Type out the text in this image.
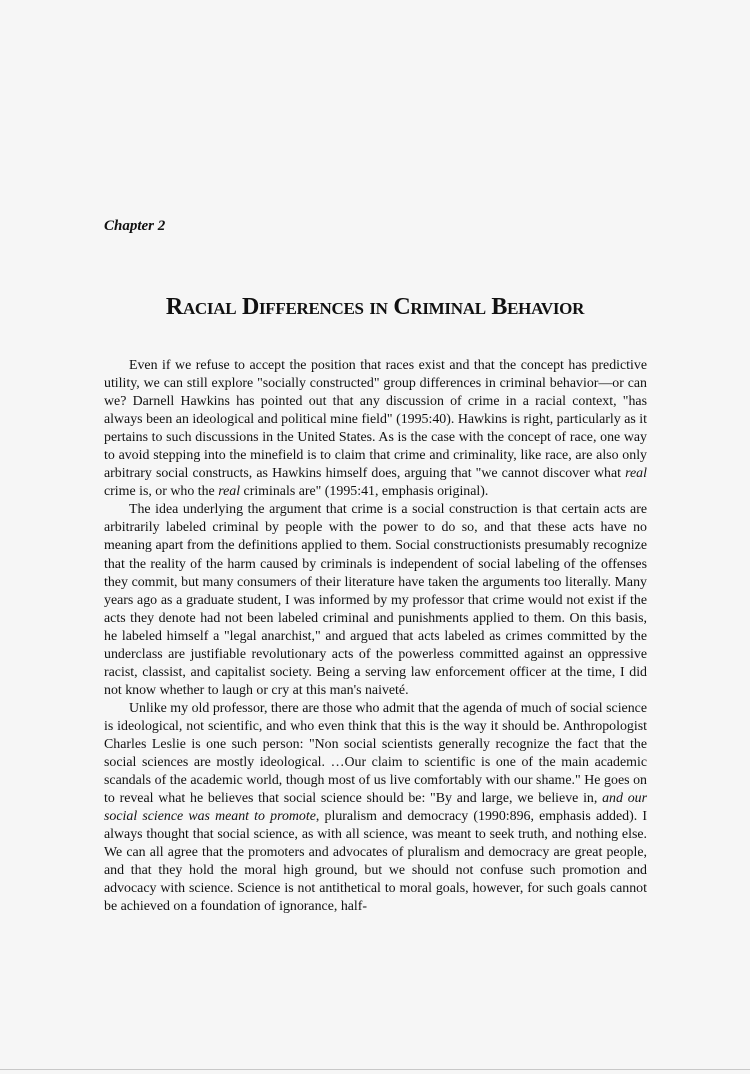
Chapter 2

Racial Differences in Criminal Behavior

Even if we refuse to accept the position that races exist and that the concept has predictive utility, we can still explore "socially constructed" group differences in criminal behavior—or can we? Darnell Hawkins has pointed out that any discussion of crime in a racial context, "has always been an ideological and political mine field" (1995:40). Hawkins is right, particularly as it pertains to such discussions in the United States. As is the case with the concept of race, one way to avoid stepping into the minefield is to claim that crime and criminality, like race, are also only arbitrary social constructs, as Hawkins himself does, arguing that "we cannot discover what real crime is, or who the real criminals are" (1995:41, emphasis original).

The idea underlying the argument that crime is a social construction is that certain acts are arbitrarily labeled criminal by people with the power to do so, and that these acts have no meaning apart from the definitions applied to them. Social constructionists presumably recognize that the reality of the harm caused by criminals is independent of social labeling of the offenses they commit, but many consumers of their literature have taken the arguments too literally. Many years ago as a graduate student, I was informed by my professor that crime would not exist if the acts they denote had not been labeled criminal and punishments applied to them. On this basis, he labeled himself a "legal anarchist," and argued that acts labeled as crimes committed by the underclass are justifiable revolutionary acts of the powerless committed against an oppressive racist, classist, and capitalist society. Being a serving law enforcement officer at the time, I did not know whether to laugh or cry at this man's naiveté.

Unlike my old professor, there are those who admit that the agenda of much of social science is ideological, not scientific, and who even think that this is the way it should be. Anthropologist Charles Leslie is one such person: "Non social scientists generally recognize the fact that the social sciences are mostly ideological. …Our claim to scientific is one of the main academic scandals of the academic world, though most of us live comfortably with our shame." He goes on to reveal what he believes that social science should be: "By and large, we believe in, and our social science was meant to promote, pluralism and democracy (1990:896, emphasis added). I always thought that social science, as with all science, was meant to seek truth, and nothing else. We can all agree that the promoters and advocates of pluralism and democracy are great people, and that they hold the moral high ground, but we should not confuse such promotion and advocacy with science. Science is not antithetical to moral goals, however, for such goals cannot be achieved on a foundation of ignorance, half-
